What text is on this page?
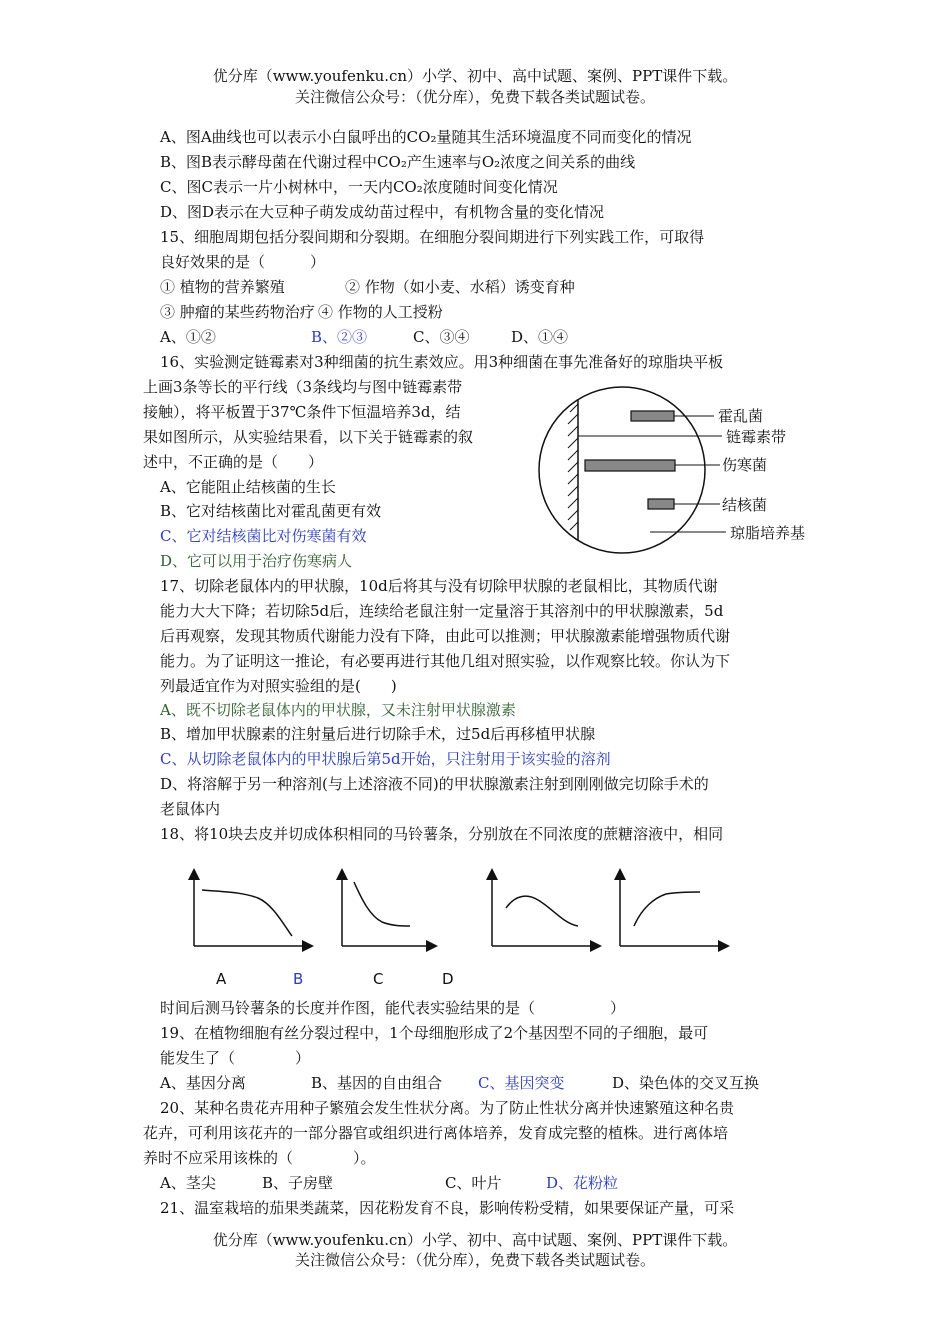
优分库（www.youfenku.cn）小学、初中、高中试题、案例、PPT课件下载。
关注微信公众号：（优分库），免费下载各类试题试卷。
A、图A曲线也可以表示小白鼠呼出的CO₂量随其生活环境温度不同而变化的情况
B、图B表示酵母菌在代谢过程中CO₂产生速率与O₂浓度之间关系的曲线
C、图C表示一片小树林中，一天内CO₂浓度随时间变化情况
D、图D表示在大豆种子萌发成幼苗过程中，有机物含量的变化情况
15、细胞周期包括分裂间期和分裂期。在细胞分裂间期进行下列实践工作，可取得
良好效果的是（　　　）
① 植物的营养繁殖	② 作物（如小麦、水稻）诱变育种
③ 肿瘤的某些药物治疗 ④ 作物的人工授粉
A、①②	B、②③	C、③④	D、①④
16、实验测定链霉素对3种细菌的抗生素效应。用3种细菌在事先准备好的琼脂块平板
上画3条等长的平行线（3条线均与图中链霉素带
接触），将平板置于37℃条件下恒温培养3d，结
果如图所示，从实验结果看，以下关于链霉素的叙
述中，不正确的是（　　）
A、它能阻止结核菌的生长
B、它对结核菌比对霍乱菌更有效
C、它对结核菌比对伤寒菌有效
D、它可以用于治疗伤寒病人
霍乱菌
链霉素带
伤寒菌
结核菌
琼脂培养基
17、切除老鼠体内的甲状腺，10d后将其与没有切除甲状腺的老鼠相比，其物质代谢
能力大大下降；若切除5d后，连续给老鼠注射一定量溶于其溶剂中的甲状腺激素，5d
后再观察，发现其物质代谢能力没有下降，由此可以推测；甲状腺激素能增强物质代谢
能力。为了证明这一推论，有必要再进行其他几组对照实验，以作观察比较。你认为下
列最适宜作为对照实验组的是(　　)
A、既不切除老鼠体内的甲状腺，又未注射甲状腺激素
B、增加甲状腺素的注射量后进行切除手术，过5d后再移植甲状腺
C、从切除老鼠体内的甲状腺后第5d开始，只注射用于该实验的溶剂
D、将溶解于另一种溶剂(与上述溶液不同)的甲状腺激素注射到刚刚做完切除手术的
老鼠体内
18、将10块去皮并切成体积相同的马铃薯条，分别放在不同浓度的蔗糖溶液中，相同
A	B	C	D
时间后测马铃薯条的长度并作图，能代表实验结果的是（　　　　　）
19、在植物细胞有丝分裂过程中，1个母细胞形成了2个基因型不同的子细胞，最可
能发生了（　　　　）
A、基因分离	B、基因的自由组合 C、基因突变	D、染色体的交叉互换
20、某种名贵花卉用种子繁殖会发生性状分离。为了防止性状分离并快速繁殖这种名贵
花卉，可利用该花卉的一部分器官或组织进行离体培养，发育成完整的植株。进行离体培
养时不应采用该株的（　　　　）。
A、茎尖	B、子房壁	C、叶片	D、花粉粒
21、温室栽培的茄果类蔬菜，因花粉发育不良，影响传粉受精，如果要保证产量，可采
优分库（www.youfenku.cn）小学、初中、高中试题、案例、PPT课件下载。
关注微信公众号：（优分库），免费下载各类试题试卷。
